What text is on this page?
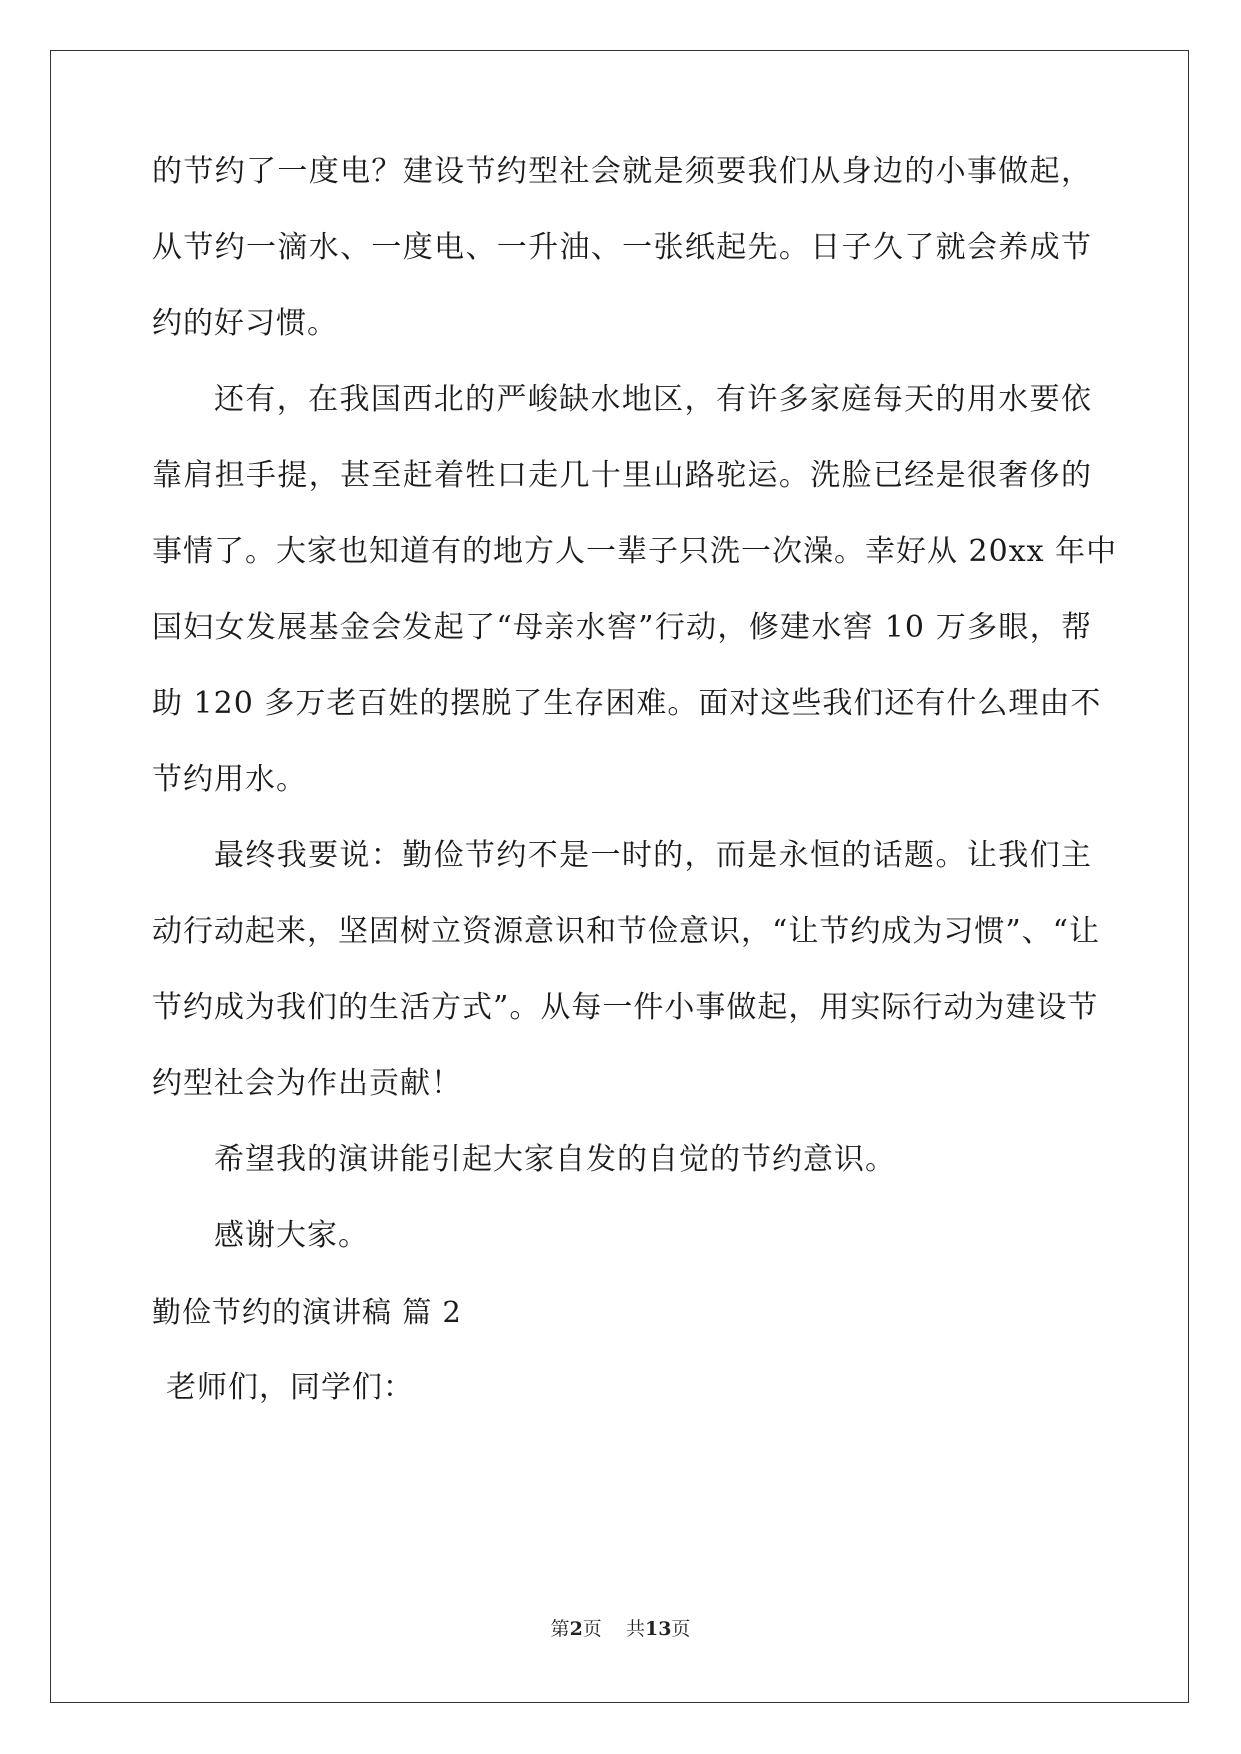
的节约了一度电？建设节约型社会就是须要我们从身边的小事做起，
从节约一滴水、一度电、一升油、一张纸起先。日子久了就会养成节
约的好习惯。
还有，在我国西北的严峻缺水地区，有许多家庭每天的用水要依
靠肩担手提，甚至赶着牲口走几十里山路驼运。洗脸已经是很奢侈的
事情了。大家也知道有的地方人一辈子只洗一次澡。幸好从 20xx 年中
国妇女发展基金会发起了“母亲水窖”行动，修建水窖 10 万多眼，帮
助 120 多万老百姓的摆脱了生存困难。面对这些我们还有什么理由不
节约用水。
最终我要说：勤俭节约不是一时的，而是永恒的话题。让我们主
动行动起来，坚固树立资源意识和节俭意识，“让节约成为习惯”、“让
节约成为我们的生活方式”。从每一件小事做起，用实际行动为建设节
约型社会为作出贡献！
希望我的演讲能引起大家自发的自觉的节约意识。
感谢大家。
勤俭节约的演讲稿 篇 2
老师们，同学们：
第2页    共13页
